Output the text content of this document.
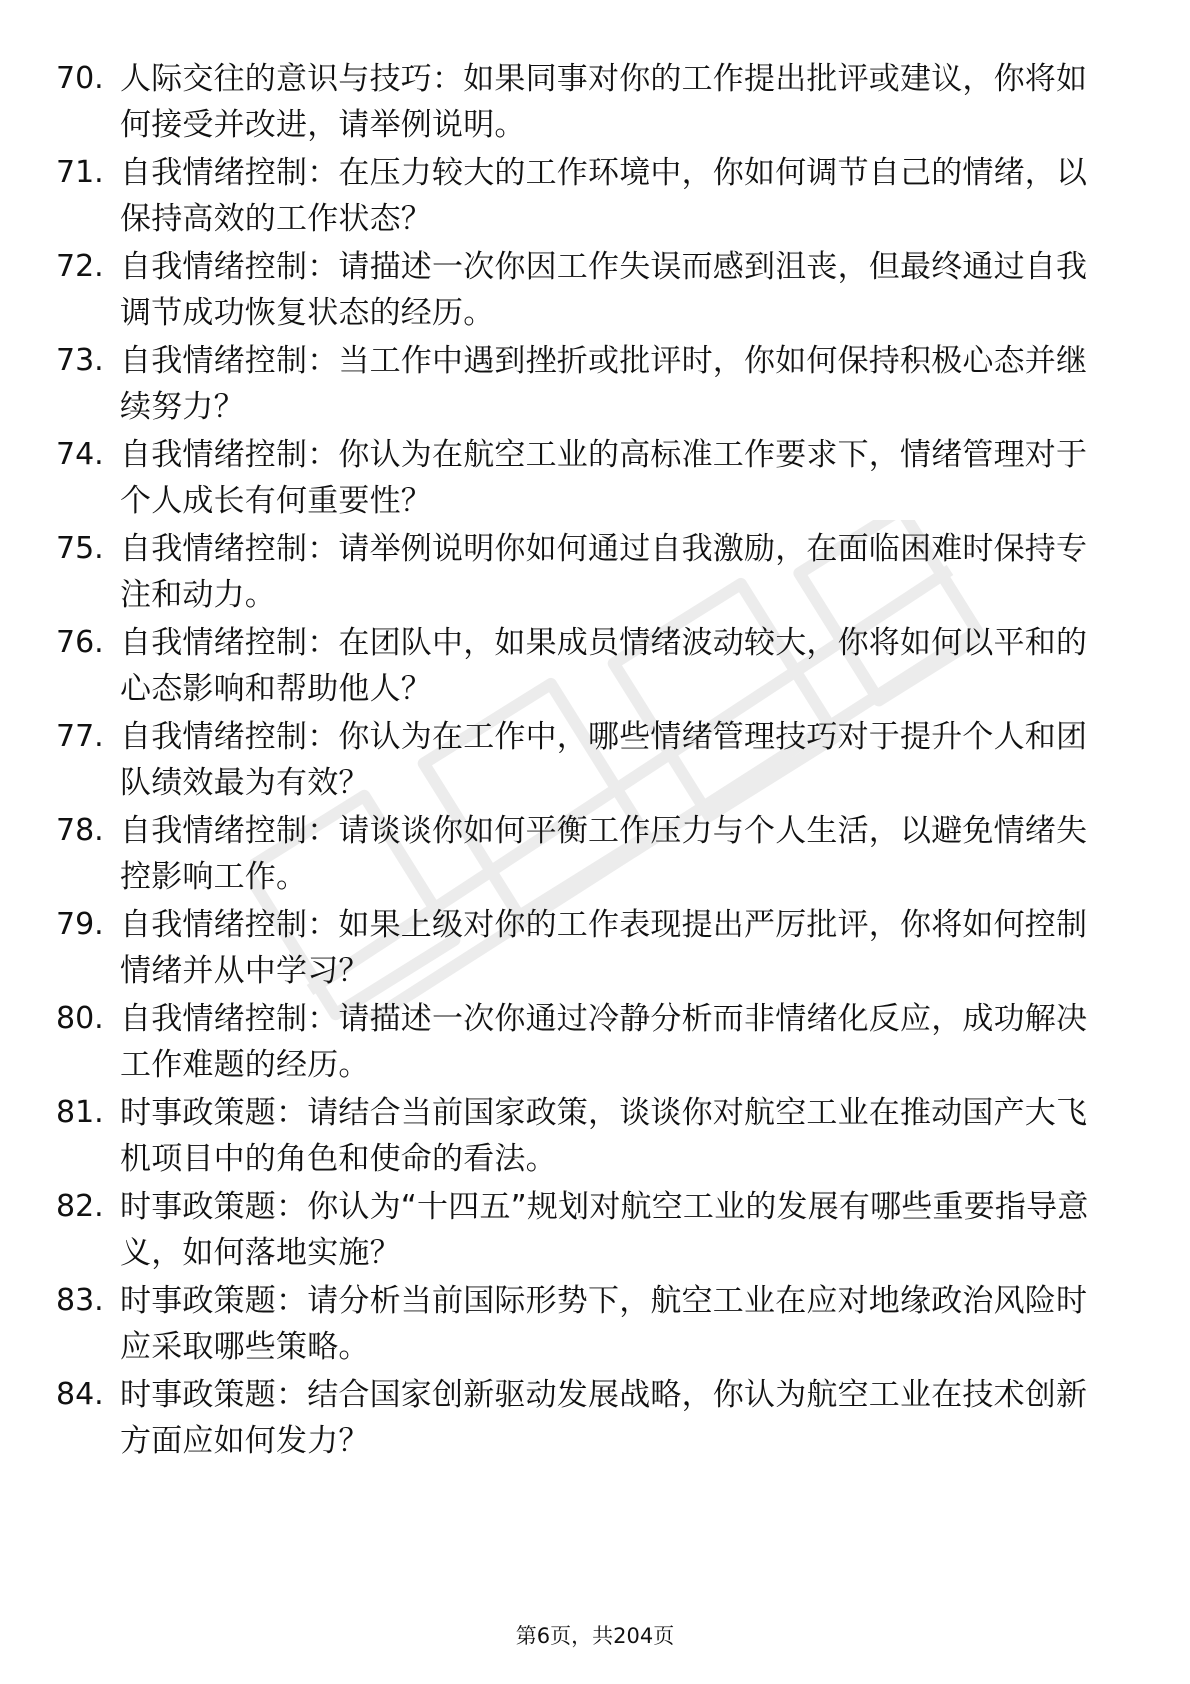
70. 人际交往的意识与技巧：如果同事对你的工作提出批评或建议，你将如何接受并改进，请举例说明。
71. 自我情绪控制：在压力较大的工作环境中，你如何调节自己的情绪，以保持高效的工作状态？
72. 自我情绪控制：请描述一次你因工作失误而感到沮丧，但最终通过自我调节成功恢复状态的经历。
73. 自我情绪控制：当工作中遇到挫折或批评时，你如何保持积极心态并继续努力？
74. 自我情绪控制：你认为在航空工业的高标准工作要求下，情绪管理对于个人成长有何重要性？
75. 自我情绪控制：请举例说明你如何通过自我激励，在面临困难时保持专注和动力。
76. 自我情绪控制：在团队中，如果成员情绪波动较大，你将如何以平和的心态影响和帮助他人？
77. 自我情绪控制：你认为在工作中，哪些情绪管理技巧对于提升个人和团队绩效最为有效？
78. 自我情绪控制：请谈谈你如何平衡工作压力与个人生活，以避免情绪失控影响工作。
79. 自我情绪控制：如果上级对你的工作表现提出严厉批评，你将如何控制情绪并从中学习？
80. 自我情绪控制：请描述一次你通过冷静分析而非情绪化反应，成功解决工作难题的经历。
81. 时事政策题：请结合当前国家政策，谈谈你对航空工业在推动国产大飞机项目中的角色和使命的看法。
82. 时事政策题：你认为“十四五”规划对航空工业的发展有哪些重要指导意义，如何落地实施？
83. 时事政策题：请分析当前国际形势下，航空工业在应对地缘政治风险时应采取哪些策略。
84. 时事政策题：结合国家创新驱动发展战略，你认为航空工业在技术创新方面应如何发力？
第6页，共204页
